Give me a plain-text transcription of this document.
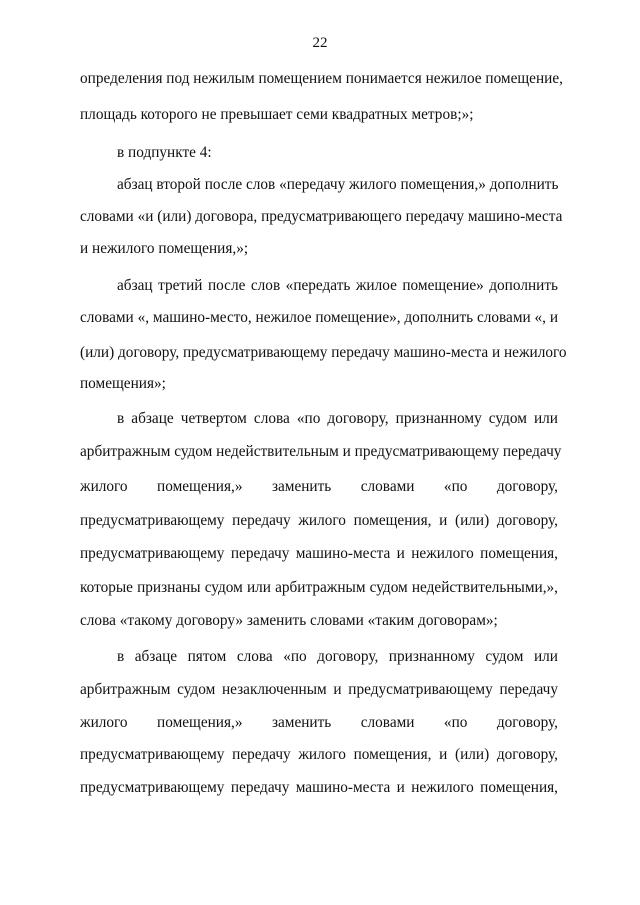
22
определения под нежилым помещением понимается нежилое помещение,
площадь которого не превышает семи квадратных метров;»;
в подпункте 4:
абзац второй после слов «передачу жилого помещения,» дополнить
словами «и (или) договора, предусматривающего передачу машино-места
и нежилого помещения,»;
абзац третий после слов «передать жилое помещение» дополнить
словами «, машино-место, нежилое помещение», дополнить словами «, и
(или) договору, предусматривающему передачу машино-места и нежилого
помещения»;
в абзаце четвертом слова «по договору, признанному судом или
арбитражным судом недействительным и предусматривающему передачу
жилого помещения,» заменить словами «по договору,
предусматривающему передачу жилого помещения, и (или) договору,
предусматривающему передачу машино-места и нежилого помещения,
которые признаны судом или арбитражным судом недействительными,»,
слова «такому договору» заменить словами «таким договорам»;
в абзаце пятом слова «по договору, признанному судом или
арбитражным судом незаключенным и предусматривающему передачу
жилого помещения,» заменить словами «по договору,
предусматривающему передачу жилого помещения, и (или) договору,
предусматривающему передачу машино-места и нежилого помещения,
